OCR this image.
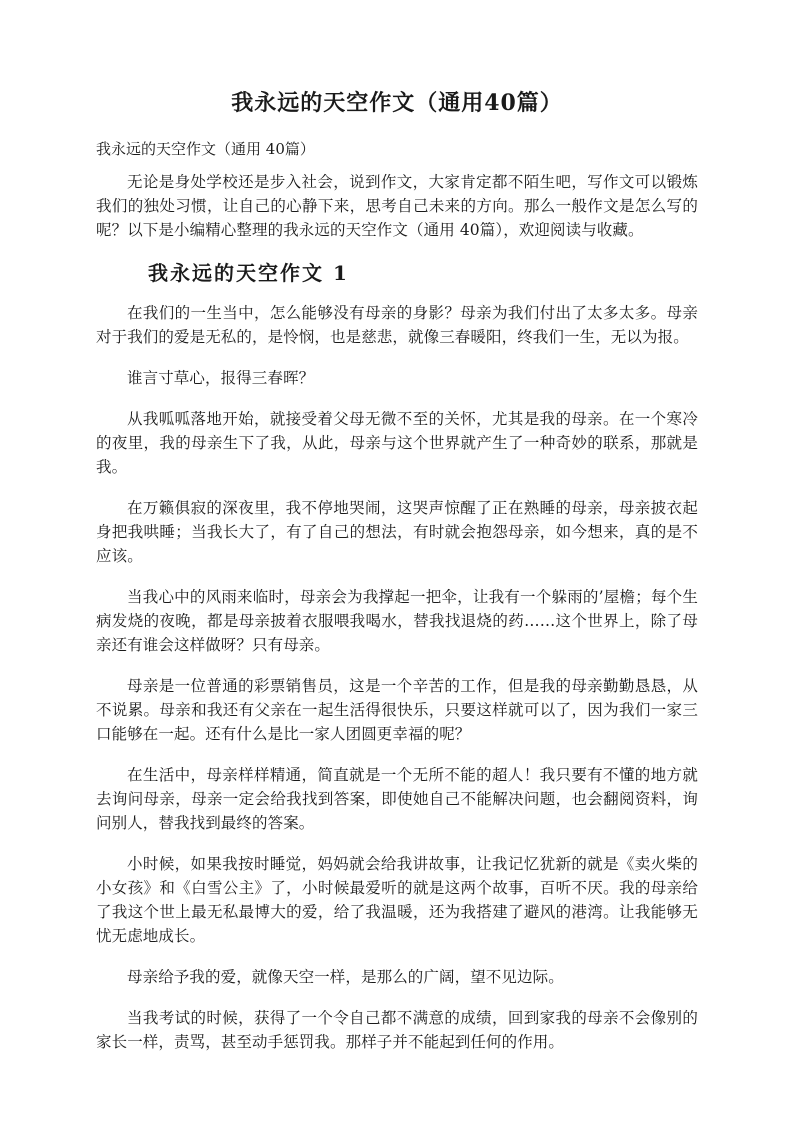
我永远的天空作文（通用40篇）
我永远的天空作文（通用 40篇）

无论是身处学校还是步入社会，说到作文，大家肯定都不陌生吧，写作文可以锻炼我们的独处习惯，让自己的心静下来，思考自己未来的方向。那么一般作文是怎么写的呢？以下是小编精心整理的我永远的天空作文（通用 40篇），欢迎阅读与收藏。

我永远的天空作文 1

在我们的一生当中，怎么能够没有母亲的身影？母亲为我们付出了太多太多。母亲对于我们的爱是无私的，是怜悯，也是慈悲，就像三春暖阳，终我们一生，无以为报。

谁言寸草心，报得三春晖？

从我呱呱落地开始，就接受着父母无微不至的关怀，尤其是我的母亲。在一个寒冷的夜里，我的母亲生下了我，从此，母亲与这个世界就产生了一种奇妙的联系，那就是我。

在万籁俱寂的深夜里，我不停地哭闹，这哭声惊醒了正在熟睡的母亲，母亲披衣起身把我哄睡；当我长大了，有了自己的想法，有时就会抱怨母亲，如今想来，真的是不应该。

当我心中的风雨来临时，母亲会为我撑起一把伞，让我有一个躲雨的’屋檐；每个生病发烧的夜晚，都是母亲披着衣服喂我喝水，替我找退烧的药……这个世界上，除了母亲还有谁会这样做呀？只有母亲。

母亲是一位普通的彩票销售员，这是一个辛苦的工作，但是我的母亲勤勤恳恳，从不说累。母亲和我还有父亲在一起生活得很快乐，只要这样就可以了，因为我们一家三口能够在一起。还有什么是比一家人团圆更幸福的呢？

在生活中，母亲样样精通，简直就是一个无所不能的超人！我只要有不懂的地方就去询问母亲，母亲一定会给我找到答案，即使她自己不能解决问题，也会翻阅资料，询问别人，替我找到最终的答案。

小时候，如果我按时睡觉，妈妈就会给我讲故事，让我记忆犹新的就是《卖火柴的小女孩》和《白雪公主》了，小时候最爱听的就是这两个故事，百听不厌。我的母亲给了我这个世上最无私最博大的爱，给了我温暖，还为我搭建了避风的港湾。让我能够无忧无虑地成长。

母亲给予我的爱，就像天空一样，是那么的广阔，望不见边际。

当我考试的时候，获得了一个令自己都不满意的成绩，回到家我的母亲不会像别的家长一样，责骂，甚至动手惩罚我。那样子并不能起到任何的作用。
